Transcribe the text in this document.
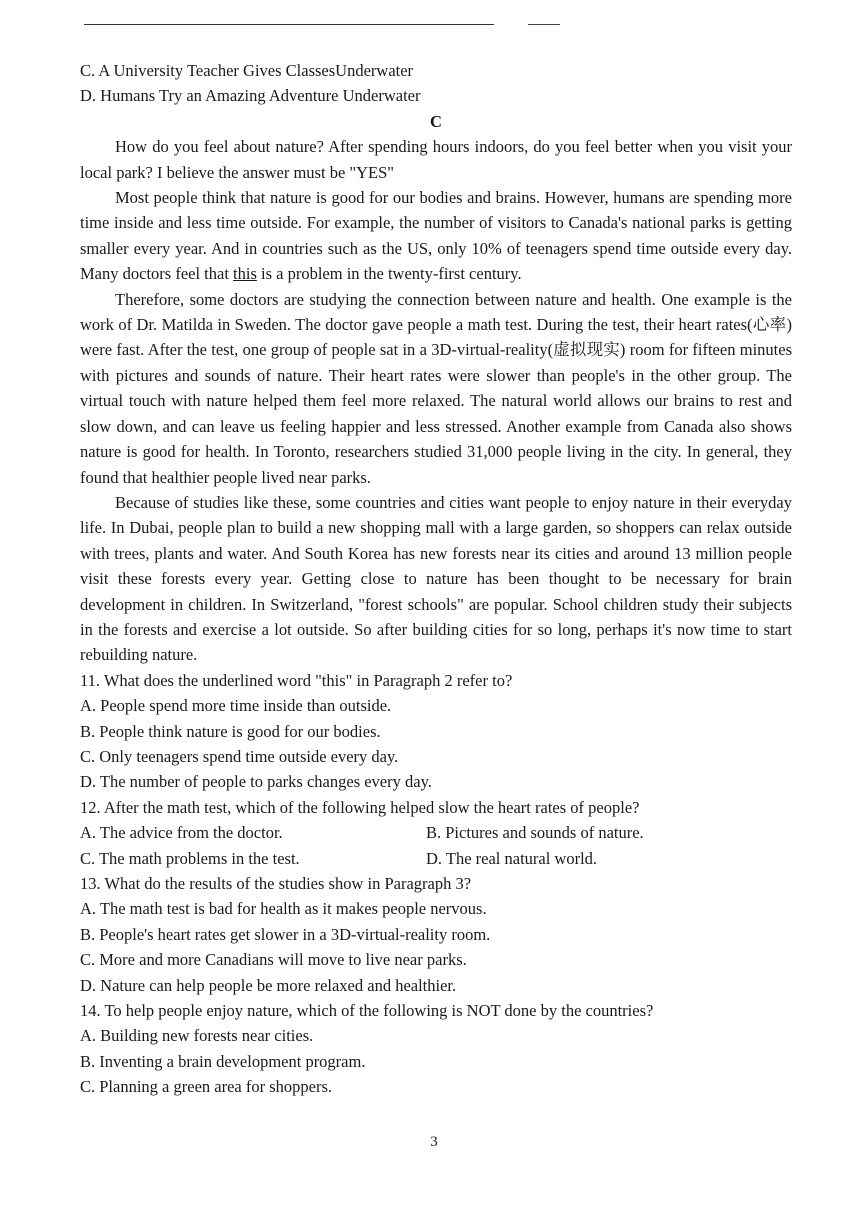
C. A University Teacher Gives ClassesUnderwater

D. Humans Try an Amazing Adventure Underwater

C

How do you feel about nature? After spending hours indoors, do you feel better when you visit your local park? I believe the answer must be "YES"

Most people think that nature is good for our bodies and brains. However, humans are spending more time inside and less time outside. For example, the number of visitors to Canada's national parks is getting smaller every year. And in countries such as the US, only 10% of teenagers spend time outside every day. Many doctors feel that this is a problem in the twenty-first century.

Therefore, some doctors are studying the connection between nature and health. One example is the work of Dr. Matilda in Sweden. The doctor gave people a math test. During the test, their heart rates(心率) were fast. After the test, one group of people sat in a 3D-virtual-reality(虚拟现实) room for fifteen minutes with pictures and sounds of nature. Their heart rates were slower than people's in the other group. The virtual touch with nature helped them feel more relaxed. The natural world allows our brains to rest and slow down, and can leave us feeling happier and less stressed. Another example from Canada also shows nature is good for health. In Toronto, researchers studied 31,000 people living in the city. In general, they found that healthier people lived near parks.

Because of studies like these, some countries and cities want people to enjoy nature in their everyday life. In Dubai, people plan to build a new shopping mall with a large garden, so shoppers can relax outside with trees, plants and water. And South Korea has new forests near its cities and around 13 million people visit these forests every year. Getting close to nature has been thought to be necessary for brain development in children. In Switzerland, "forest schools" are popular. School children study their subjects in the forests and exercise a lot outside. So after building cities for so long, perhaps it's now time to start rebuilding nature.

11. What does the underlined word "this" in Paragraph 2 refer to?

A. People spend more time inside than outside.

B. People think nature is good for our bodies.

C. Only teenagers spend time outside every day.

D. The number of people to parks changes every day.

12. After the math test, which of the following helped slow the heart rates of people?

A. The advice from the doctor.	B. Pictures and sounds of nature.
C. The math problems in the test.	D. The real natural world.

13. What do the results of the studies show in Paragraph 3?

A. The math test is bad for health as it makes people nervous.

B. People's heart rates get slower in a 3D-virtual-reality room.

C. More and more Canadians will move to live near parks.

D. Nature can help people be more relaxed and healthier.

14. To help people enjoy nature, which of the following is NOT done by the countries?

A. Building new forests near cities.

B. Inventing a brain development program.

C. Planning a green area for shoppers.

3
